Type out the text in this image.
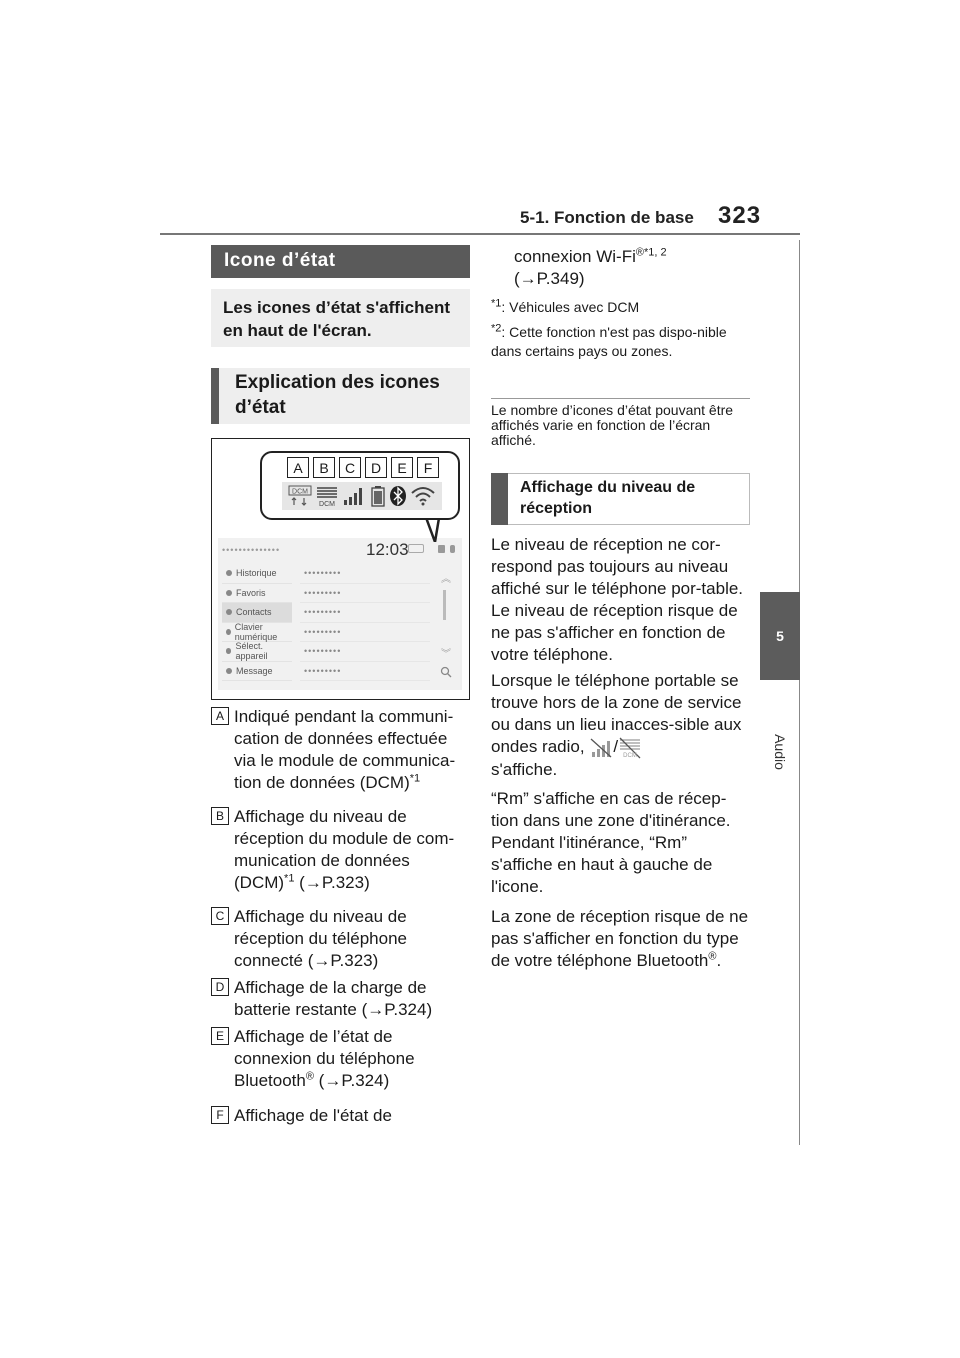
5-1. Fonction de base 323
5
Audio
Icone d’état
Les icones d’état s'affichent en haut de l'écran.
Explication des icones d’état
••••••••••••••	12:03
Historique
Favoris
Contacts
Clavier numérique
Sélect. appareil
Message
•••••••••
•••••••••
•••••••••
•••••••••
•••••••••
•••••••••
︽
︾
A	B	C	D	E	F
DCM
DCM
A Indiqué pendant la communi-cation de données effectuée via le module de communica-tion de données (DCM)$^{*1}$
B Affichage du niveau de réception du module de com-munication de données (DCM)$^{*1}$ (→P.323)
C Affichage du niveau de réception du téléphone connecté (→P.323)
D Affichage de la charge de batterie restante (→P.324)
E Affichage de l’état de connexion du téléphone Bluetooth® (→P.324)
F Affichage de l'état de
connexion $Wi-Fi^{®*1, 2}$
(→P.349)
$^{*1}$: Véhicules avec DCM
$^{*2}$: Cette fonction n'est pas dispo-nible dans certains pays ou zones.
Le nombre d’icones d’état pouvant être affichés varie en fonction de l’écran affiché.
Affichage du niveau de réception
Le niveau de réception ne cor-respond pas toujours au niveau affiché sur le téléphone por-table. Le niveau de réception risque de ne pas s'afficher en fonction de votre téléphone.
Lorsque le téléphone portable se trouve hors de la zone de service ou dans un lieu inacces-sible aux ondes radio, / DCM

s'affiche.
“Rm” s'affiche en cas de récep-tion dans une zone d'itinérance. Pendant l'itinérance, “Rm” s'affiche en haut à gauche de l'icone.
La zone de réception risque de ne pas s'afficher en fonction du type de votre téléphone Bluetooth®.
